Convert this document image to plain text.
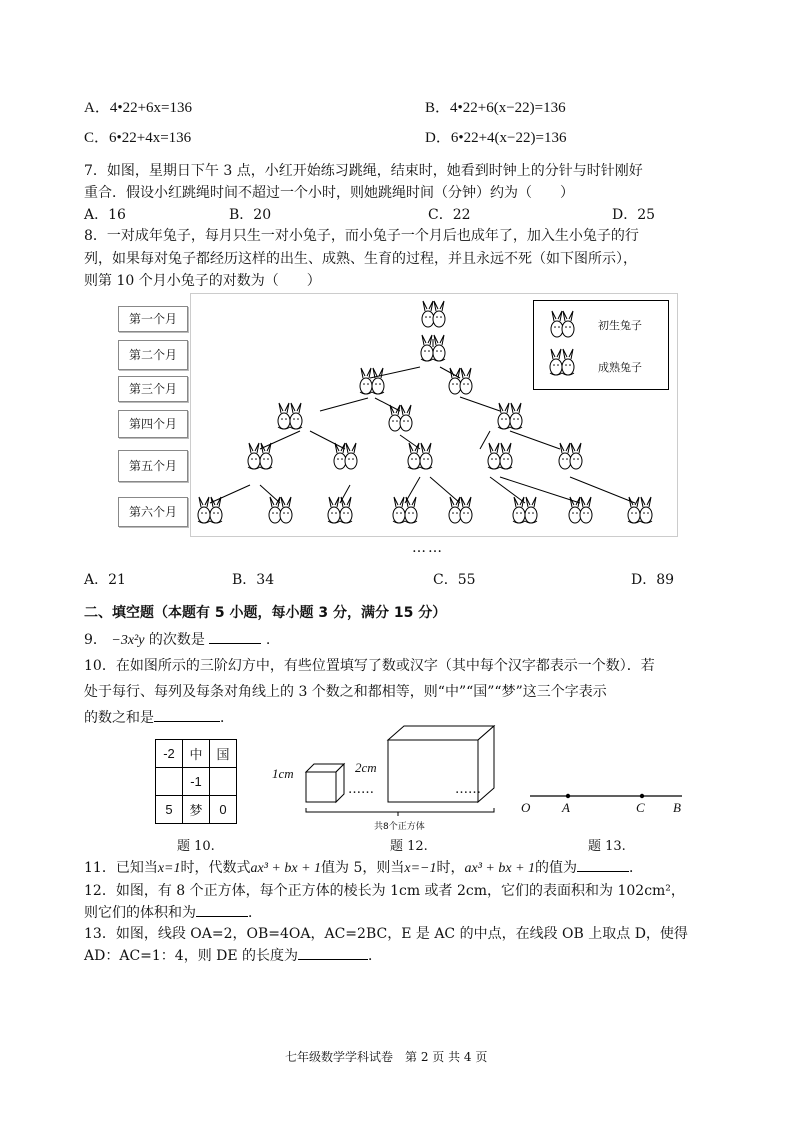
A．4•22+6x=136	B．4•22+6(x−22)=136
C．6•22+4x=136	D．6•22+4(x−22)=136
7．如图，星期日下午 3 点，小红开始练习跳绳，结束时，她看到时钟上的分针与时针刚好
重合．假设小红跳绳时间不超过一个小时，则她跳绳时间（分钟）约为（　　）
A．16	B．20	C．22	D．25
8．一对成年兔子，每月只生一对小兔子，而小兔子一个月后也成年了，加入生小兔子的行
列，如果每对兔子都经历这样的出生、成熟、生育的过程，并且永远不死（如下图所示），
则第 10 个月小兔子的对数为（　　）
第一个月
第二个月
第三个月
第四个月
第五个月
第六个月
初生兔子
成熟兔子
……
A．21	B．34	C．55	D．89
二、填空题（本题有 5 小题，每小题 3 分，满分 15 分）
9． −3x²y 的次数是	.
10．在如图所示的三阶幻方中，有些位置填写了数或汉字（其中每个汉字都表示一个数）．若
处于每行、每列及每条对角线上的 3 个数之和都相等，则“中”“国”“梦”这三个字表示
的数之和是	．
-2	中	国
	-1	
5	梦	0
题 10.
1cm	2cm
……	……
共8个正方体
题 12.
O A	C B
题 13.
11．已知当x=1时，代数式ax³ + bx + 1值为 5，则当x=−1时，ax³ + bx + 1的值为	．
12．如图，有 8 个正方体，每个正方体的棱长为 1cm 或者 2cm，它们的表面积和为 102cm²，
则它们的体积和为	．
13．如图，线段 OA=2，OB=4OA，AC=2BC，E 是 AC 的中点，在线段 OB 上取点 D，使得
AD：AC=1：4，则 DE 的长度为	．
七年级数学学科试卷　第 2 页 共 4 页
